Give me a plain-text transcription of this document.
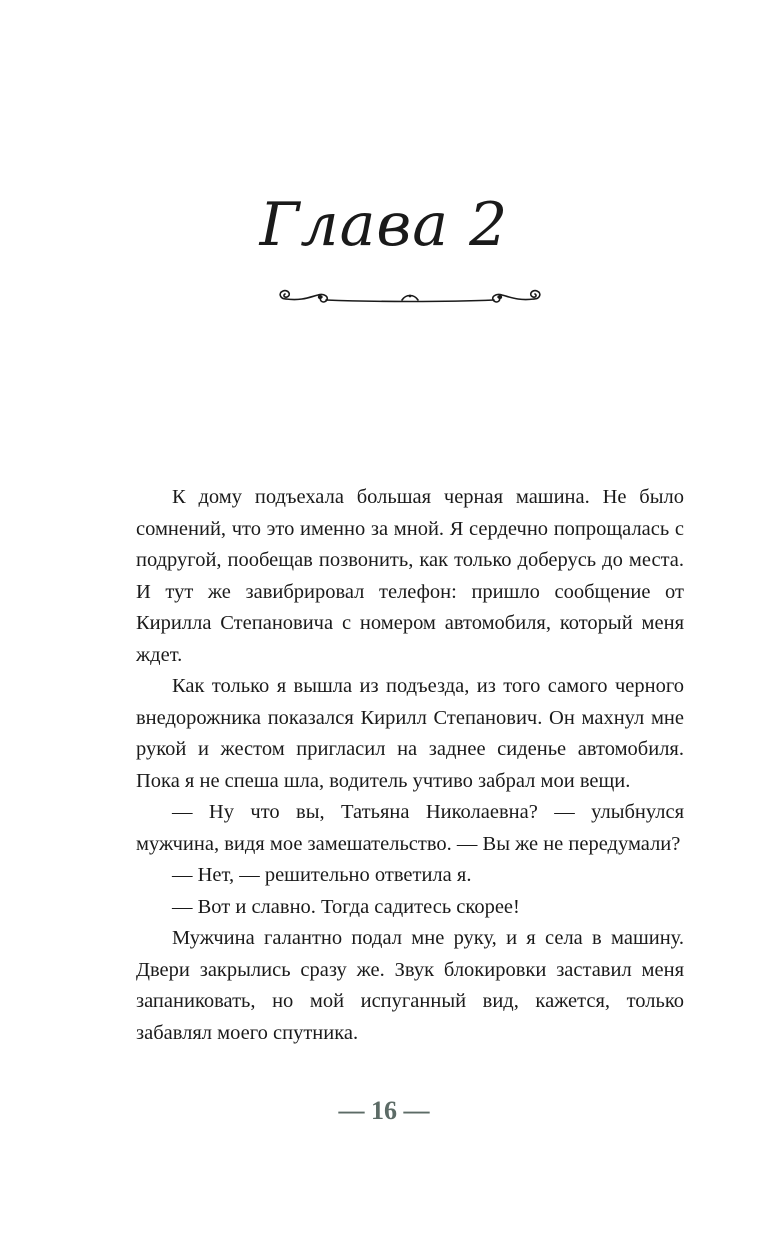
Глава 2

К дому подъехала большая черная машина. Не было сомнений, что это именно за мной. Я сердечно попрощалась с подругой, пообещав позвонить, как только доберусь до места. И тут же завибрировал телефон: пришло сообщение от Кирилла Степановича с номером автомобиля, который меня ждет.

Как только я вышла из подъезда, из того самого черного внедорожника показался Кирилл Степанович. Он махнул мне рукой и жестом пригласил на заднее сиденье автомобиля. Пока я не спеша шла, водитель учтиво забрал мои вещи.

— Ну что вы, Татьяна Николаевна? — улыбнулся мужчина, видя мое замешательство. — Вы же не передумали?

— Нет, — решительно ответила я.

— Вот и славно. Тогда садитесь скорее!

Мужчина галантно подал мне руку, и я села в машину. Двери закрылись сразу же. Звук блокировки заставил меня запаниковать, но мой испуганный вид, кажется, только забавлял моего спутника.

— 16 —
